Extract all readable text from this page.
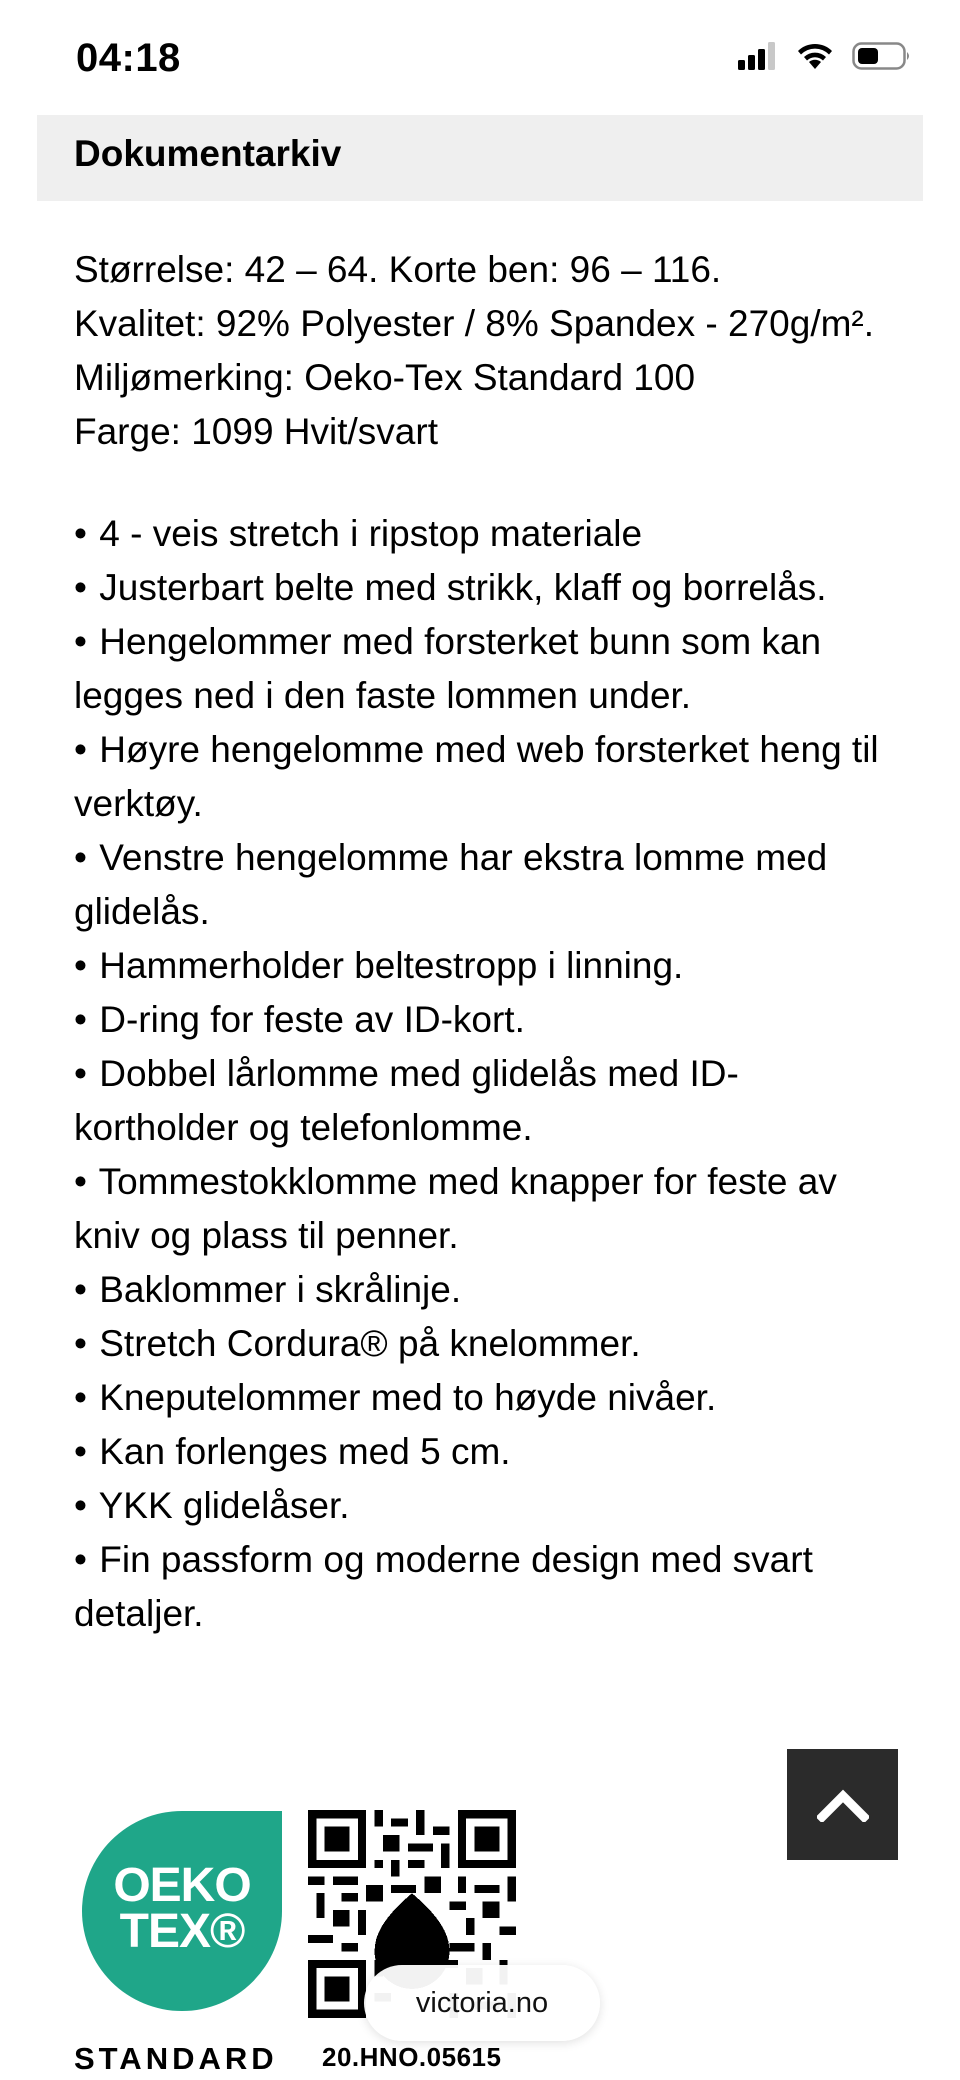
04:18
Dokumentarkiv

Størrelse: 42 – 64. Korte ben: 96 – 116.

Kvalitet: 92% Polyester / 8% Spandex - 270g/m².

Miljømerking: Oeko-Tex Standard 100

Farge: 1099 Hvit/svart

• 4 - veis stretch i ripstop materiale

• Justerbart belte med strikk, klaff og borrelås.

• Hengelommer med forsterket bunn som kan legges ned i den faste lommen under.

• Høyre hengelomme med web forsterket heng til verktøy.

• Venstre hengelomme har ekstra lomme med glidelås.

• Hammerholder beltestropp i linning.

• D-ring for feste av ID-kort.

• Dobbel lårlomme med glidelås med ID-kortholder og telefonlomme.

• Tommestokklomme med knapper for feste av kniv og plass til penner.

• Baklommer i skrålinje.

• Stretch Cordura® på knelommer.

• Kneputelommer med to høyde nivåer.

• Kan forlenges med 5 cm.

• YKK glidelåser.

• Fin passform og moderne design med svart detaljer.

OEKO
TEX®
STANDARD 20.HNO.05615
victoria.no
